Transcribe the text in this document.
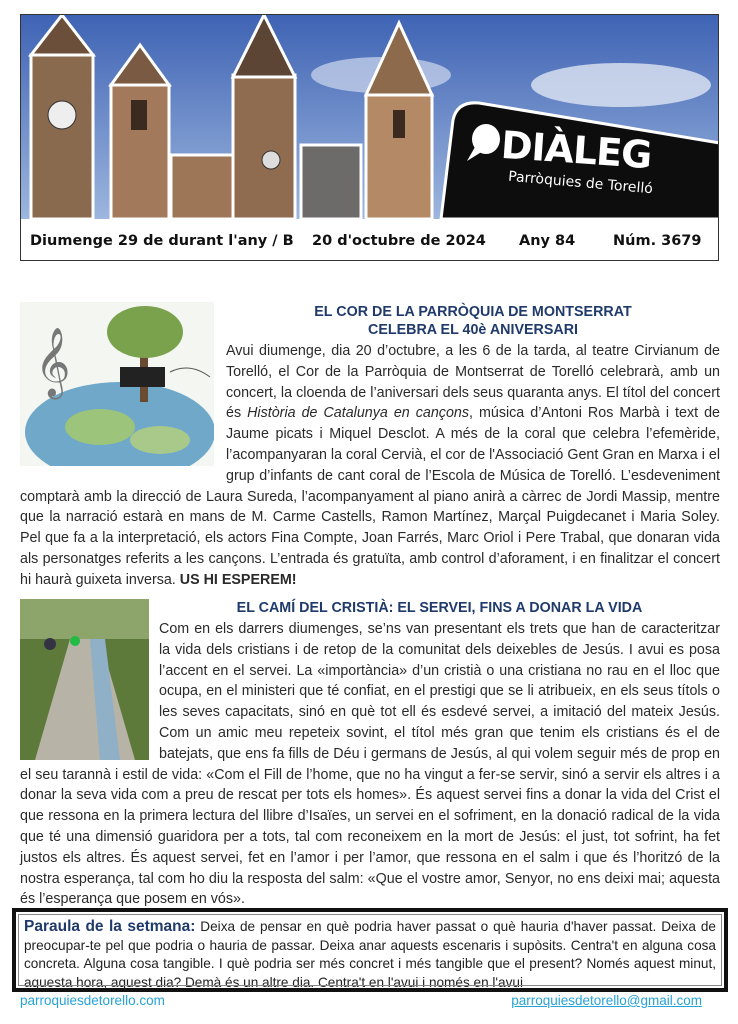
DIÀLEG
Parròquies de Torelló
Diumenge 29 de durant l'any / B 20 d'octubre de 2024 Any 84	Núm. 3679
𝄞
EL COR DE LA PARRÒQUIA DE MONTSERRAT
CELEBRA EL 40è ANIVERSARI
Avui diumenge, dia 20 d’octubre, a les 6 de la tarda, al teatre Cirvianum de Torelló, el Cor de la Parròquia de Montserrat de Torelló celebrarà, amb un concert, la cloenda de l’aniversari dels seus quaranta anys. El títol del concert és Història de Catalunya en cançons, música d’Antoni Ros Marbà i text de Jaume picats i Miquel Desclot. A més de la coral que celebra l’efemèride, l’acompanyaran la coral Cervià, el cor de l'Associació Gent Gran en Marxa i el grup d’infants de cant coral de l’Escola de Música de Torelló. L’esdeveniment comptarà amb la direcció de Laura Sureda, l’acompanyament al piano anirà a càrrec de Jordi Massip, mentre que la narració estarà en mans de M. Carme Castells, Ramon Martínez, Marçal Puigdecanet i Maria Soley. Pel que fa a la interpretació, els actors Fina Compte, Joan Farrés, Marc Oriol i Pere Trabal, que donaran vida als personatges referits a les cançons. L’entrada és gratuïta, amb control d’aforament, i en finalitzar el concert hi haurà guixeta inversa. US HI ESPEREM!
EL CAMÍ DEL CRISTIÀ: EL SERVEI, FINS A DONAR LA VIDA
Com en els darrers diumenges, se’ns van presentant els trets que han de caracteritzar la vida dels cristians i de retop de la comunitat dels deixebles de Jesús. I avui es posa l’accent en el servei. La «importància» d’un cristià o una cristiana no rau en el lloc que ocupa, en el ministeri que té confiat, en el prestigi que se li atribueix, en els seus títols o les seves capacitats, sinó en què tot ell és esdevé servei, a imitació del mateix Jesús. Com un amic meu repeteix sovint, el títol més gran que tenim els cristians és el de batejats, que ens fa fills de Déu i germans de Jesús, al qui volem seguir més de prop en el seu tarannà i estil de vida: «Com el Fill de l’home, que no ha vingut a fer-se servir, sinó a servir els altres i a donar la seva vida com a preu de rescat per tots els homes». És aquest servei fins a donar la vida del Crist el que ressona en la primera lectura del llibre d’Isaïes, un servei en el sofriment, en la donació radical de la vida que té una dimensió guaridora per a tots, tal com reconeixem en la mort de Jesús: el just, tot sofrint, ha fet justos els altres. És aquest servei, fet en l’amor i per l’amor, que ressona en el salm i que és l’horitzó de la nostra esperança, tal com ho diu la resposta del salm: «Que el vostre amor, Senyor, no ens deixi mai; aquesta és l’esperança que posem en vós».
Paraula de la setmana: Deixa de pensar en què podria haver passat o què hauria d'haver passat. Deixa de preocupar-te pel que podria o hauria de passar. Deixa anar aquests escenaris i supòsits. Centra't en alguna cosa concreta. Alguna cosa tangible. I què podria ser més concret i més tangible que el present? Només aquest minut, aquesta hora, aquest dia? Demà és un altre dia. Centra't en l'avui i només en l'avui
parroquiesdetorello.com	parroquiesdetorello@gmail.com
